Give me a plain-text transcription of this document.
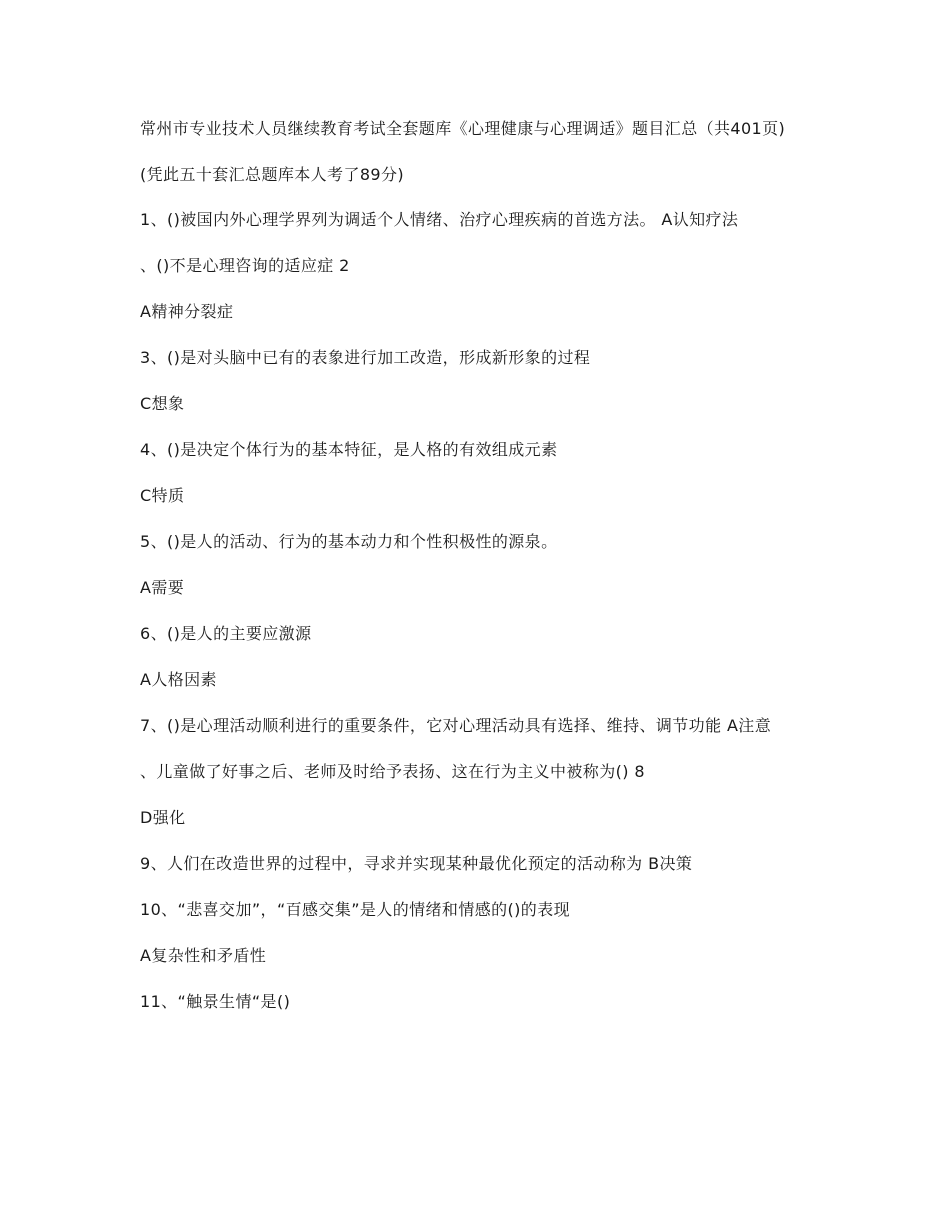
常州市专业技术人员继续教育考试全套题库《心理健康与心理调适》题目汇总（共401页)

(凭此五十套汇总题库本人考了89分)

1、()被国内外心理学界列为调适个人情绪、治疗心理疾病的首选方法。 A认知疗法

、()不是心理咨询的适应症 2

A精神分裂症

3、()是对头脑中已有的表象进行加工改造，形成新形象的过程

C想象

4、()是决定个体行为的基本特征，是人格的有效组成元素

C特质

5、()是人的活动、行为的基本动力和个性积极性的源泉。

A需要

6、()是人的主要应激源

A人格因素

7、()是心理活动顺利进行的重要条件，它对心理活动具有选择、维持、调节功能 A注意

、儿童做了好事之后、老师及时给予表扬、这在行为主义中被称为() 8

D强化

9、人们在改造世界的过程中，寻求并实现某种最优化预定的活动称为 B决策

10、“悲喜交加”，“百感交集”是人的情绪和情感的()的表现

A复杂性和矛盾性

11、“触景生情“是()
